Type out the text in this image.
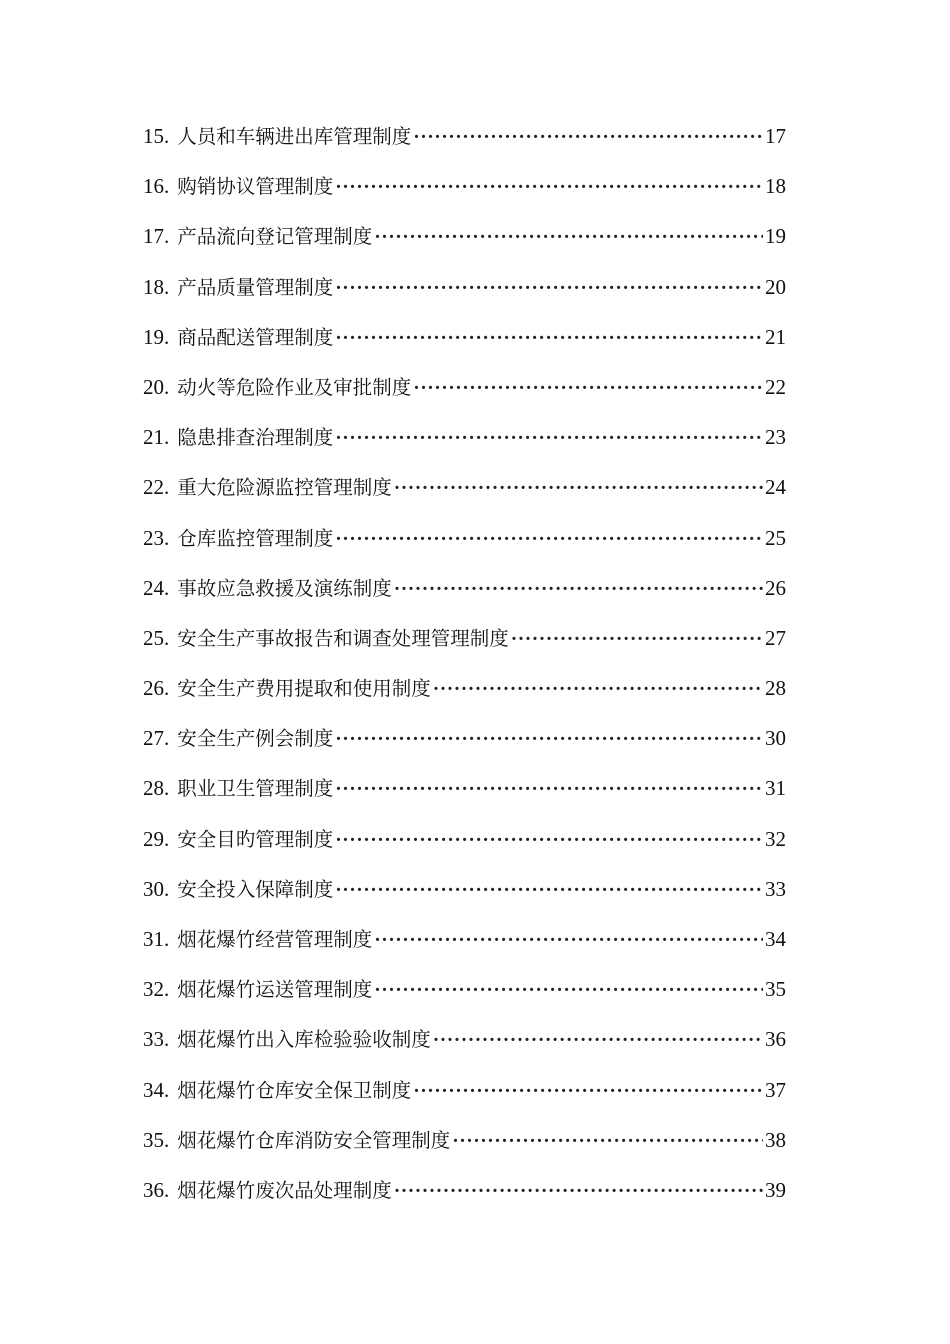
15. 人员和车辆进出库管理制度 ·····	17
16. 购销协议管理制度 ·····	18
17. 产品流向登记管理制度 ·····	19
18. 产品质量管理制度 ·····	20
19. 商品配送管理制度 ·····	21
20. 动火等危险作业及审批制度 ·····	22
21. 隐患排查治理制度 ·····	23
22. 重大危险源监控管理制度 ·····	24
23. 仓库监控管理制度 ·····	25
24. 事故应急救援及演练制度 ·····	26
25. 安全生产事故报告和调查处理管理制度 ·····	27
26. 安全生产费用提取和使用制度 ·····	28
27. 安全生产例会制度 ·····	30
28. 职业卫生管理制度 ·····	31
29. 安全目旳管理制度 ·····	32
30. 安全投入保障制度 ·····	33
31. 烟花爆竹经营管理制度 ·····	34
32. 烟花爆竹运送管理制度 ·····	35
33. 烟花爆竹出入库检验验收制度 ·····	36
34. 烟花爆竹仓库安全保卫制度 ·····	37
35. 烟花爆竹仓库消防安全管理制度 ·····	38
36. 烟花爆竹废次品处理制度 ·····	39
